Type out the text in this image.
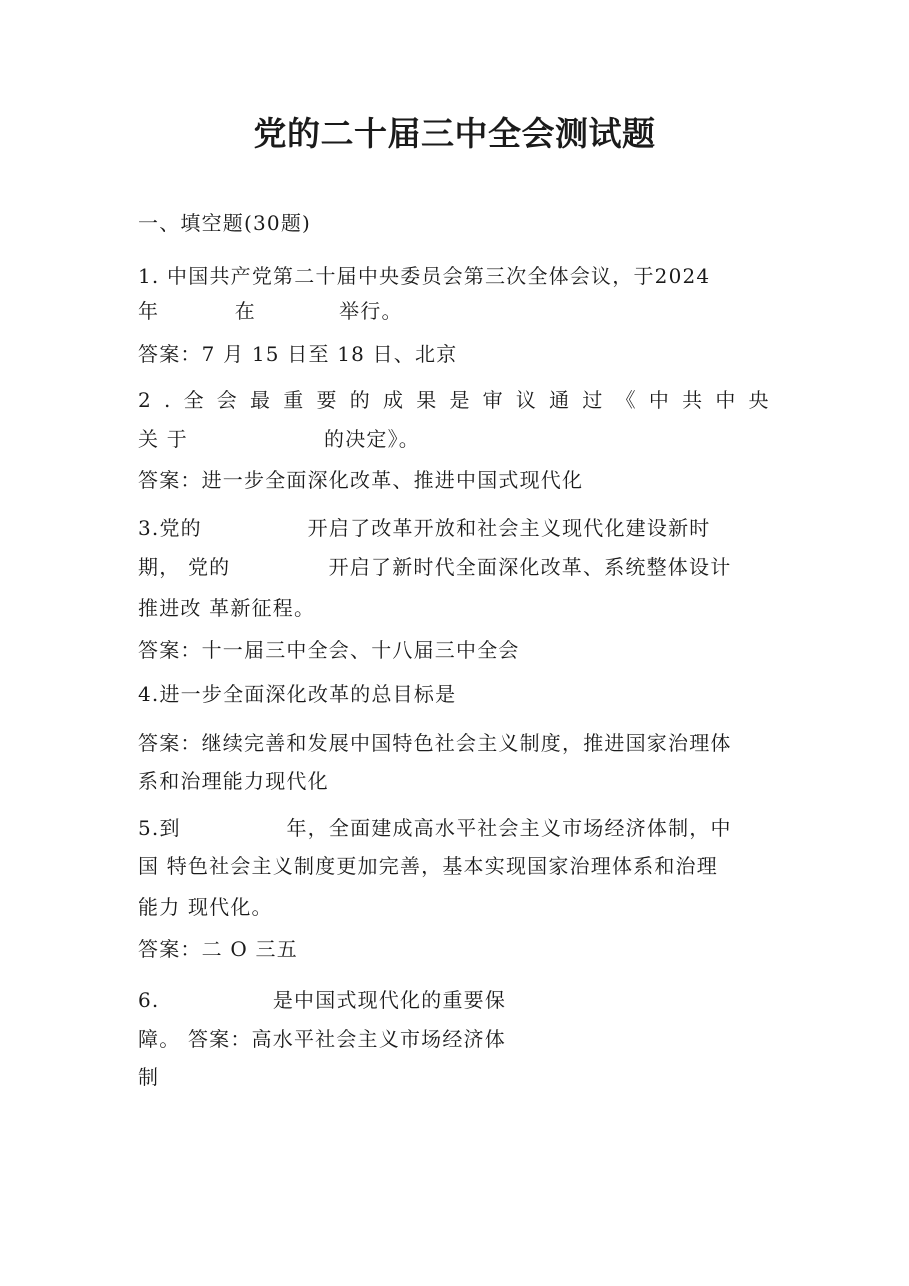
党的二十届三中全会测试题
一、填空题(30题)
1. 中国共产党第二十届中央委员会第三次全体会议，于2024
年          在           举行。
答案：7 月 15 日至 18 日、北京
2 . 全 会 最 重 要 的 成 果 是 审 议 通 过 《 中 共 中 央
关 于                  的决定》。
答案：进一步全面深化改革、推进中国式现代化
3.党的              开启了改革开放和社会主义现代化建设新时
期， 党的             开启了新时代全面深化改革、系统整体设计
推进改 革新征程。
答案：十一届三中全会、十八届三中全会
4.进一步全面深化改革的总目标是
答案：继续完善和发展中国特色社会主义制度，推进国家治理体
系和治理能力现代化
5.到              年，全面建成高水平社会主义市场经济体制，中
国 特色社会主义制度更加完善，基本实现国家治理体系和治理
能力 现代化。
答案：二 O 三五
6.               是中国式现代化的重要保
障。 答案：高水平社会主义市场经济体
制
